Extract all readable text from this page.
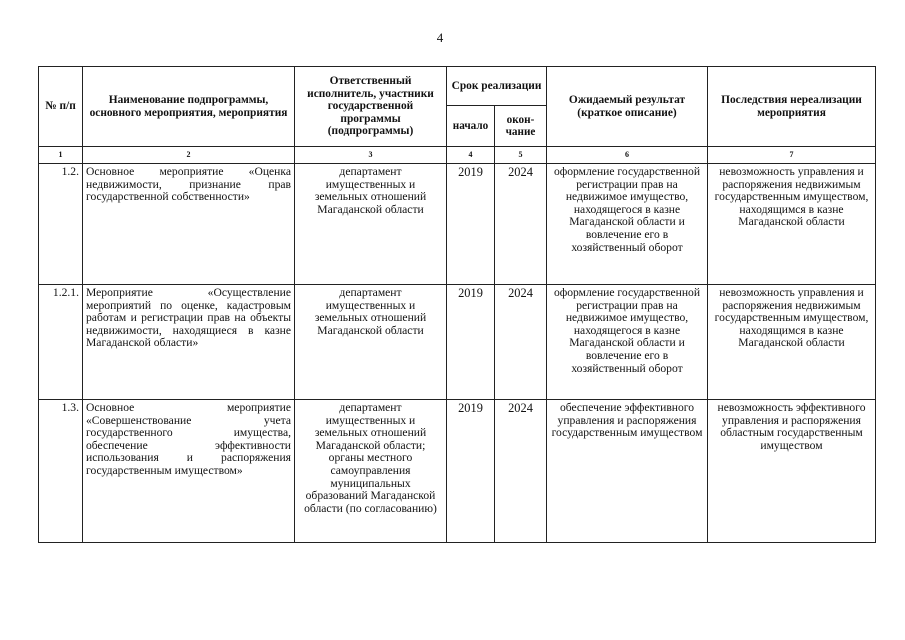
4
№ п/п	Наименование подпрограммы, основного мероприятия, мероприятия	Ответственный исполнитель, участники государственной программы (подпрограммы)	Срок реализации		Ожидаемый результат (краткое описание)	Последствия нереализации мероприятия
			начало	окон-чание		
1	2	3	4	5	6	7
1.2.	Основное мероприятие «Оценка недвижимости, признание прав государственной собственности»	департамент имущественных и земельных отношений Магаданской области	2019	2024	оформление государственной регистрации прав на недвижимое имущество, находящегося в казне Магаданской области и вовлечение его в хозяйственный оборот	невозможность управления и распоряжения недвижимым государственным имуществом, находящимся в казне Магаданской области
1.2.1.	Мероприятие «Осуществление мероприятий по оценке, кадастровым работам и регистрации прав на объекты недвижимости, находящиеся в казне Магаданской области»	департамент имущественных и земельных отношений Магаданской области	2019	2024	оформление государственной регистрации прав на недвижимое имущество, находящегося в казне Магаданской области и вовлечение его в хозяйственный оборот	невозможность управления и распоряжения недвижимым государственным имуществом, находящимся в казне Магаданской области
1.3.	Основное мероприятие «Совершенствование учета государственного имущества, обеспечение эффективности использования и распоряжения государственным имуществом»	департамент имущественных и земельных отношений Магаданской области; органы местного самоуправления муниципальных образований Магаданской области (по согласованию)	2019	2024	обеспечение эффективного управления и распоряжения государственным имуществом	невозможность эффективного управления и распоряжения областным государственным имуществом
